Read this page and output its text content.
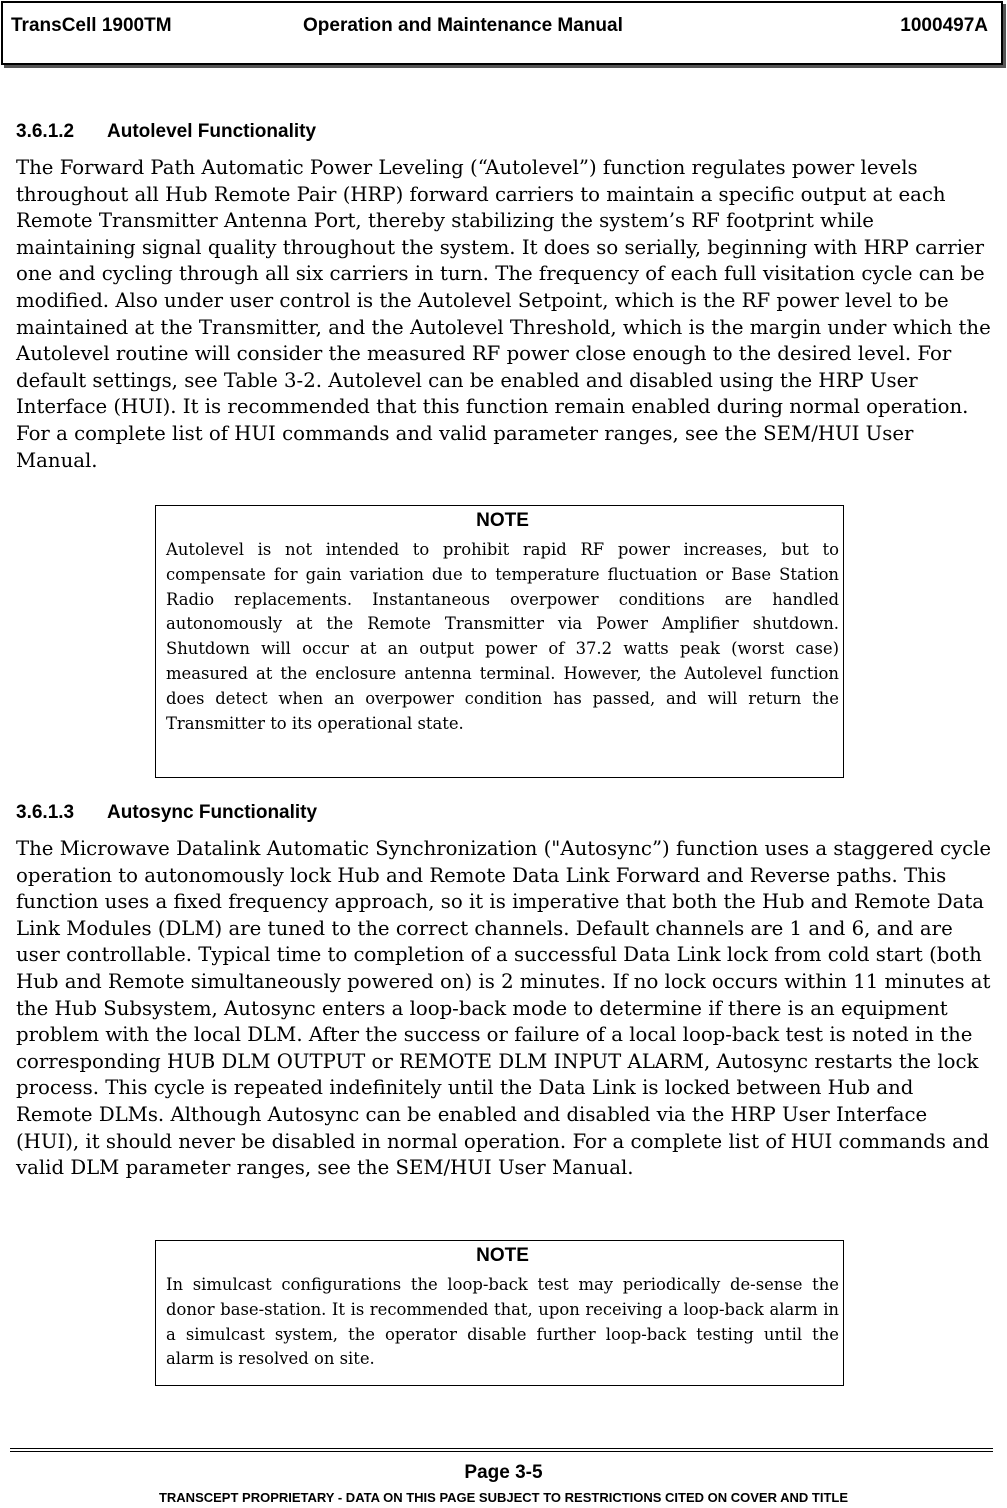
TransCell 1900TM	Operation and Maintenance Manual	1000497A
3.6.1.2 Autolevel Functionality

The Forward Path Automatic Power Leveling (“Autolevel”) function regulates power levels throughout all Hub Remote Pair (HRP) forward carriers to maintain a specific output at each Remote Transmitter Antenna Port, thereby stabilizing the system’s RF footprint while maintaining signal quality throughout the system. It does so serially, beginning with HRP carrier one and cycling through all six carriers in turn. The frequency of each full visitation cycle can be modified. Also under user control is the Autolevel Setpoint, which is the RF power level to be maintained at the Transmitter, and the Autolevel Threshold, which is the margin under which the Autolevel routine will consider the measured RF power close enough to the desired level. For default settings, see Table 3-2. Autolevel can be enabled and disabled using the HRP User Interface (HUI). It is recommended that this function remain enabled during normal operation. For a complete list of HUI commands and valid parameter ranges, see the SEM/HUI User Manual.

NOTE

Autolevel is not intended to prohibit rapid RF power increases, but to compensate for gain variation due to temperature fluctuation or Base Station Radio replacements. Instantaneous overpower conditions are handled autonomously at the Remote Transmitter via Power Amplifier shutdown. Shutdown will occur at an output power of 37.2 watts peak (worst case) measured at the enclosure antenna terminal. However, the Autolevel function does detect when an overpower condition has passed, and will return the Transmitter to its operational state.

3.6.1.3 Autosync Functionality

The Microwave Datalink Automatic Synchronization ("Autosync”) function uses a staggered cycle operation to autonomously lock Hub and Remote Data Link Forward and Reverse paths. This function uses a fixed frequency approach, so it is imperative that both the Hub and Remote Data Link Modules (DLM) are tuned to the correct channels. Default channels are 1 and 6, and are user controllable. Typical time to completion of a successful Data Link lock from cold start (both Hub and Remote simultaneously powered on) is 2 minutes. If no lock occurs within 11 minutes at the Hub Subsystem, Autosync enters a loop-back mode to determine if there is an equipment problem with the local DLM. After the success or failure of a local loop-back test is noted in the corresponding HUB DLM OUTPUT or REMOTE DLM INPUT ALARM, Autosync restarts the lock process. This cycle is repeated indefinitely until the Data Link is locked between Hub and Remote DLMs. Although Autosync can be enabled and disabled via the HRP User Interface (HUI), it should never be disabled in normal operation. For a complete list of HUI commands and valid DLM parameter ranges, see the SEM/HUI User Manual.

NOTE

In simulcast configurations the loop-back test may periodically de-sense the donor base-station. It is recommended that, upon receiving a loop-back alarm in a simulcast system, the operator disable further loop-back testing until the alarm is resolved on site.

Page 3-5
TRANSCEPT PROPRIETARY - DATA ON THIS PAGE SUBJECT TO RESTRICTIONS CITED ON COVER AND TITLE
